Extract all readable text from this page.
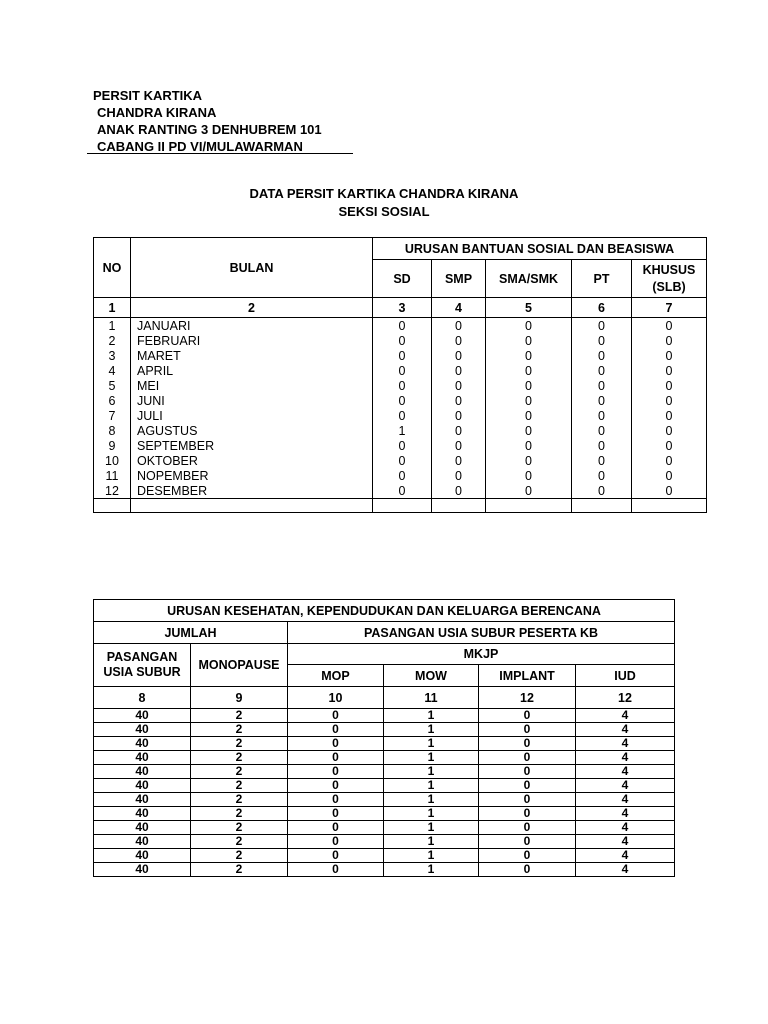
PERSIT KARTIKA
CHANDRA KIRANA
ANAK RANTING 3 DENHUBREM 101
CABANG II PD VI/MULAWARMAN
DATA PERSIT KARTIKA CHANDRA KIRANA
SEKSI SOSIAL
NO	BULAN	URUSAN BANTUAN SOSIAL DAN BEASISWA				
		SD	SMP	SMA/SMK	PT	KHUSUS
(SLB)

1	2	3	4	5	6	7
1	JANUARI	0	0	0	0	0
2	FEBRUARI	0	0	0	0	0
3	MARET	0	0	0	0	0
4	APRIL	0	0	0	0	0
5	MEI	0	0	0	0	0
6	JUNI	0	0	0	0	0
7	JULI	0	0	0	0	0
8	AGUSTUS	1	0	0	0	0
9	SEPTEMBER	0	0	0	0	0
10	OKTOBER	0	0	0	0	0
11	NOPEMBER	0	0	0	0	0
12	DESEMBER	0	0	0	0	0

URUSAN KESEHATAN, KEPENDUDUKAN DAN KELUARGA BERENCANA					
JUMLAH		PASANGAN USIA SUBUR PESERTA KB			

PASANGAN
USIA SUBUR	MONOPAUSE	MKJP			
		MOP	MOW	IMPLANT	IUD
8	9	10	11	12	12
40	2	0	1	0	4
40	2	0	1	0	4
40	2	0	1	0	4
40	2	0	1	0	4
40	2	0	1	0	4
40	2	0	1	0	4
40	2	0	1	0	4
40	2	0	1	0	4
40	2	0	1	0	4
40	2	0	1	0	4
40	2	0	1	0	4
40	2	0	1	0	4
